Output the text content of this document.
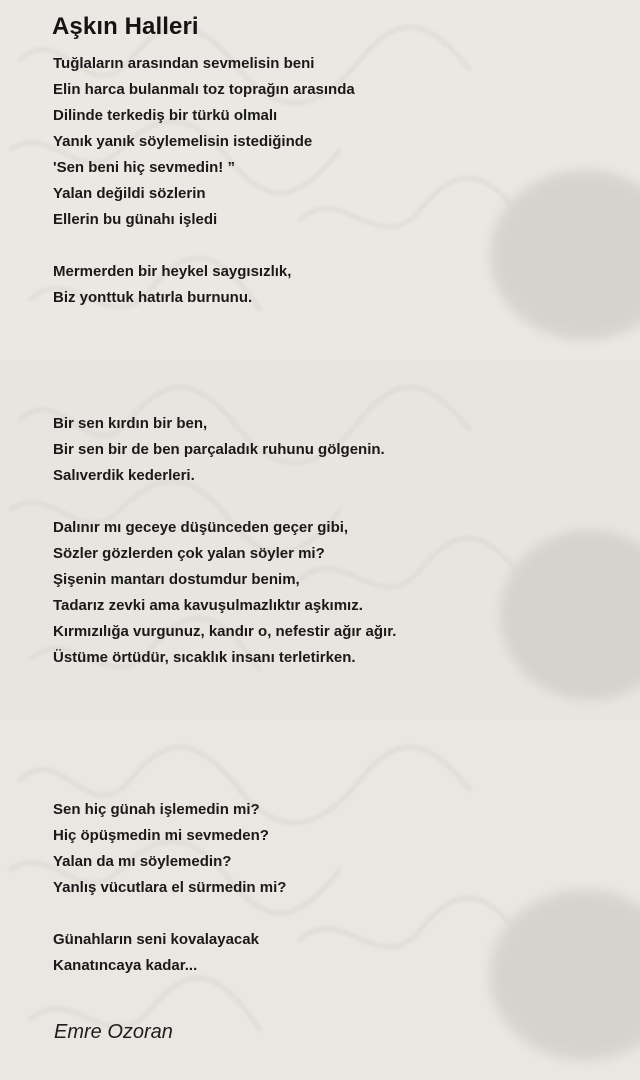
Aşkın Halleri
Tuğlaların arasından sevmelisin beni
Elin harca bulanmalı toz toprağın arasında
Dilinde terkediş bir türkü olmalı
Yanık yanık söylemelisin istediğinde
'Sen beni hiç sevmedin! ”
Yalan değildi sözlerin
Ellerin bu günahı işledi
Mermerden bir heykel saygısızlık,
Biz yonttuk hatırla burnunu.
Bir sen kırdın bir ben,
Bir sen bir de ben parçaladık ruhunu gölgenin.
Salıverdik kederleri.
Dalınır mı geceye düşünceden geçer gibi,
Sözler gözlerden çok yalan söyler mi?
Şişenin mantarı dostumdur benim,
Tadarız zevki ama kavuşulmazlıktır aşkımız.
Kırmızılığa vurgunuz, kandır o, nefestir ağır ağır.
Üstüme örtüdür, sıcaklık insanı terletirken.
Sen hiç günah işlemedin mi?
Hiç öpüşmedin mi sevmeden?
Yalan da mı söylemedin?
Yanlış vücutlara el sürmedin mi?
Günahların seni kovalayacak
Kanatıncaya kadar...

Emre Ozoran
